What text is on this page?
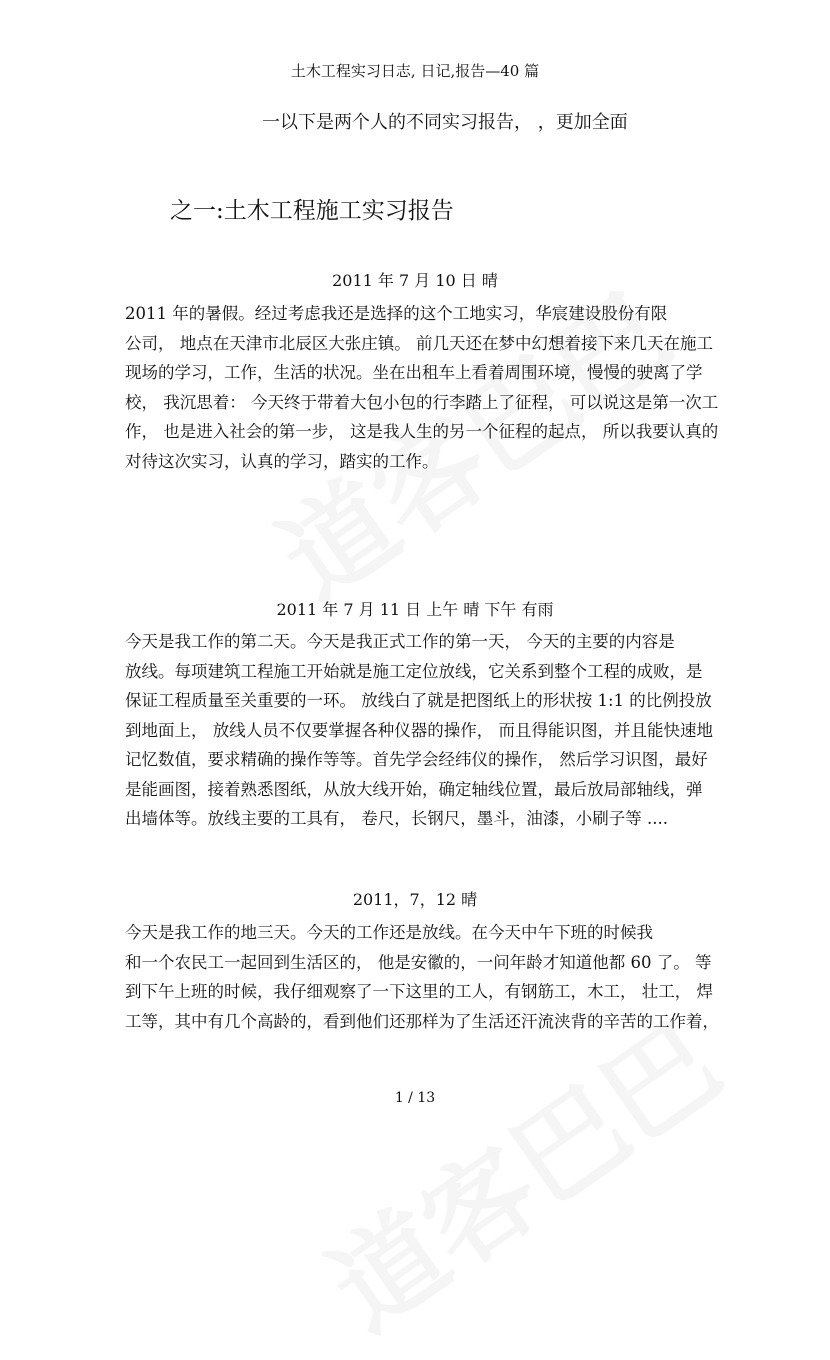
土木工程实习日志, 日记,报告—40 篇

一以下是两个人的不同实习报告， ，更加全面

之一:土木工程施工实习报告

2011 年 7 月 10 日 晴

2011 年的暑假。经过考虑我还是选择的这个工地实习，华宸建设股份有限
公司， 地点在天津市北辰区大张庄镇。 前几天还在梦中幻想着接下来几天在施工
现场的学习，工作，生活的状况。坐在出租车上看着周围环境，慢慢的驶离了学
校， 我沉思着： 今天终于带着大包小包的行李踏上了征程， 可以说这是第一次工
作， 也是进入社会的第一步， 这是我人生的另一个征程的起点， 所以我要认真的
对待这次实习，认真的学习，踏实的工作。

2011 年 7 月 11 日 上午 晴 下午 有雨

今天是我工作的第二天。今天是我正式工作的第一天， 今天的主要的内容是
放线。每项建筑工程施工开始就是施工定位放线，它关系到整个工程的成败，是
保证工程质量至关重要的一环。 放线白了就是把图纸上的形状按 1:1 的比例投放
到地面上， 放线人员不仅要掌握各种仪器的操作， 而且得能识图，并且能快速地
记忆数值，要求精确的操作等等。首先学会经纬仪的操作， 然后学习识图，最好
是能画图，接着熟悉图纸，从放大线开始，确定轴线位置，最后放局部轴线，弹
出墙体等。放线主要的工具有， 卷尺，长钢尺，墨斗，油漆，小刷子等 ....

2011，7，12 晴

今天是我工作的地三天。今天的工作还是放线。在今天中午下班的时候我
和一个农民工一起回到生活区的， 他是安徽的，一问年龄才知道他都 60 了。 等
到下午上班的时候，我仔细观察了一下这里的工人，有钢筋工，木工， 壮工， 焊
工等，其中有几个高龄的，看到他们还那样为了生活还汗流浃背的辛苦的工作着，

1 / 13
